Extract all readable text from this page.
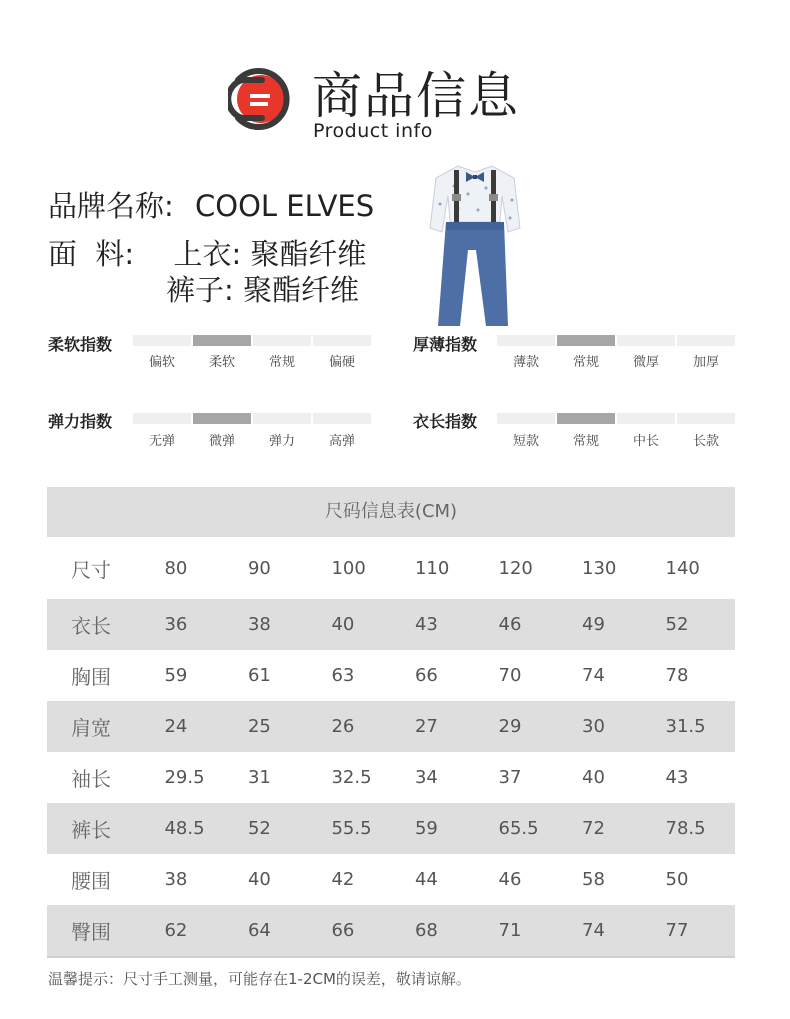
商品信息
Product info
品牌名称: COOL ELVES
面  料: 上衣: 聚酯纤维
裤子: 聚酯纤维
柔软指数
偏软	柔软	常规	偏硬
厚薄指数
薄款	常规	微厚	加厚
弹力指数
无弹	微弹	弹力	高弹
衣长指数
短款	常规	中长	长款
尺码信息表(CM)
尺寸	80	90	100	110	120	130	140
衣长	36	38	40	43	46	49	52
胸围	59	61	63	66	70	74	78
肩宽	24	25	26	27	29	30	31.5
袖长	29.5	31	32.5	34	37	40	43
裤长	48.5	52	55.5	59	65.5	72	78.5
腰围	38	40	42	44	46	58	50
臀围	62	64	66	68	71	74	77
温馨提示：尺寸手工测量，可能存在1-2CM的误差，敬请谅解。
